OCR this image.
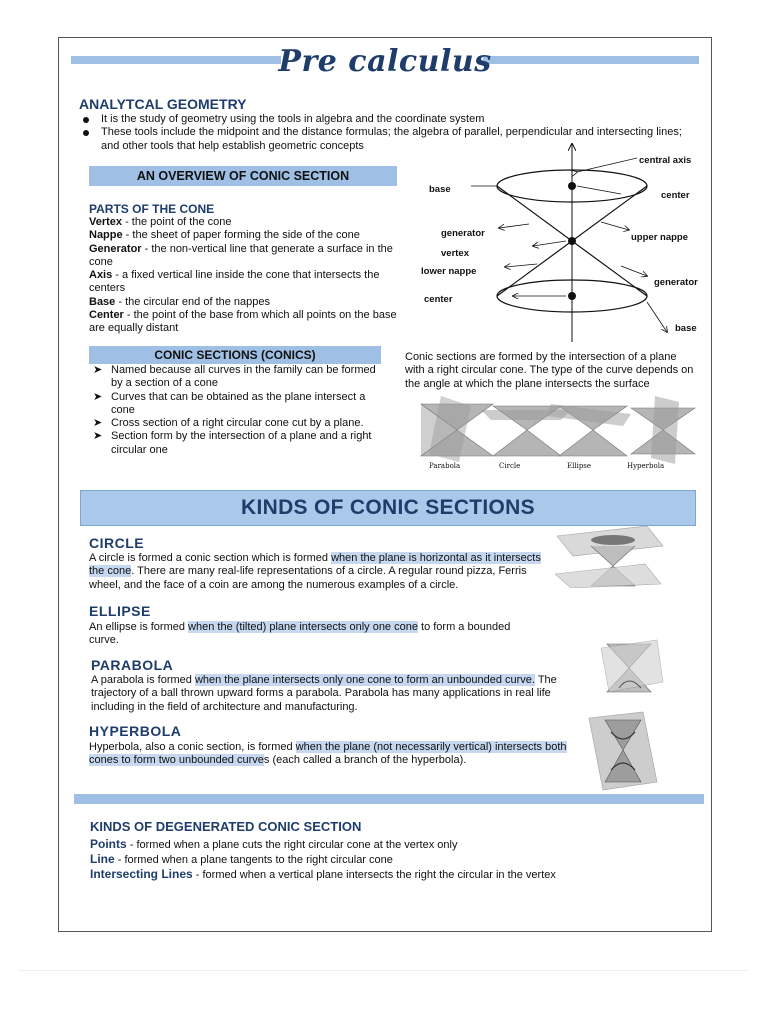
Pre calculus
ANALYTCAL GEOMETRY
It is the study of geometry using the tools in algebra and the coordinate system
These tools include the midpoint and the distance formulas; the algebra of parallel, perpendicular and intersecting lines; and other tools that help establish geometric concepts
AN OVERVIEW OF CONIC SECTION
PARTS OF THE CONE
Vertex - the point of the cone
Nappe - the sheet of paper forming the side of the cone
Generator - the non-vertical line that generate a surface in the cone
Axis - a fixed vertical line inside the cone that intersects the centers
Base - the circular end of the nappes
Center - the point of the base from which all points on the base are equally distant
central axis
base
center
generator	upper nappe
vertex
lower nappe
generator
center
base
CONIC SECTIONS (CONICS)
➤ Named because all curves in the family can be formed by a section of a cone
➤ Curves that can be obtained as the plane intersect a cone
➤ Cross section of a right circular cone cut by a plane.
➤ Section form by the intersection of a plane and a right circular one
Conic sections are formed by the intersection of a plane with a right circular cone. The type of the curve depends on the angle at which the plane intersects the surface
Parabola	Circle	Ellipse	Hyperbola
KINDS OF CONIC SECTIONS
CIRCLE
A circle is formed a conic section which is formed when the plane is horizontal as it intersects the cone. There are many real-life representations of a circle. A regular round pizza, Ferris wheel, and the face of a coin are among the numerous examples of a circle.
ELLIPSE
An ellipse is formed when the (tilted) plane intersects only one cone to form a bounded curve.
PARABOLA
A parabola is formed when the plane intersects only one cone to form an unbounded curve. The trajectory of a ball thrown upward forms a parabola. Parabola has many applications in real life including in the field of architecture and manufacturing.
HYPERBOLA
Hyperbola, also a conic section, is formed when the plane (not necessarily vertical) intersects both cones to form two unbounded curves (each called a branch of the hyperbola).
KINDS OF DEGENERATED CONIC SECTION
Points - formed when a plane cuts the right circular cone at the vertex only
Line - formed when a plane tangents to the right circular cone
Intersecting Lines - formed when a vertical plane intersects the right the circular in the vertex
